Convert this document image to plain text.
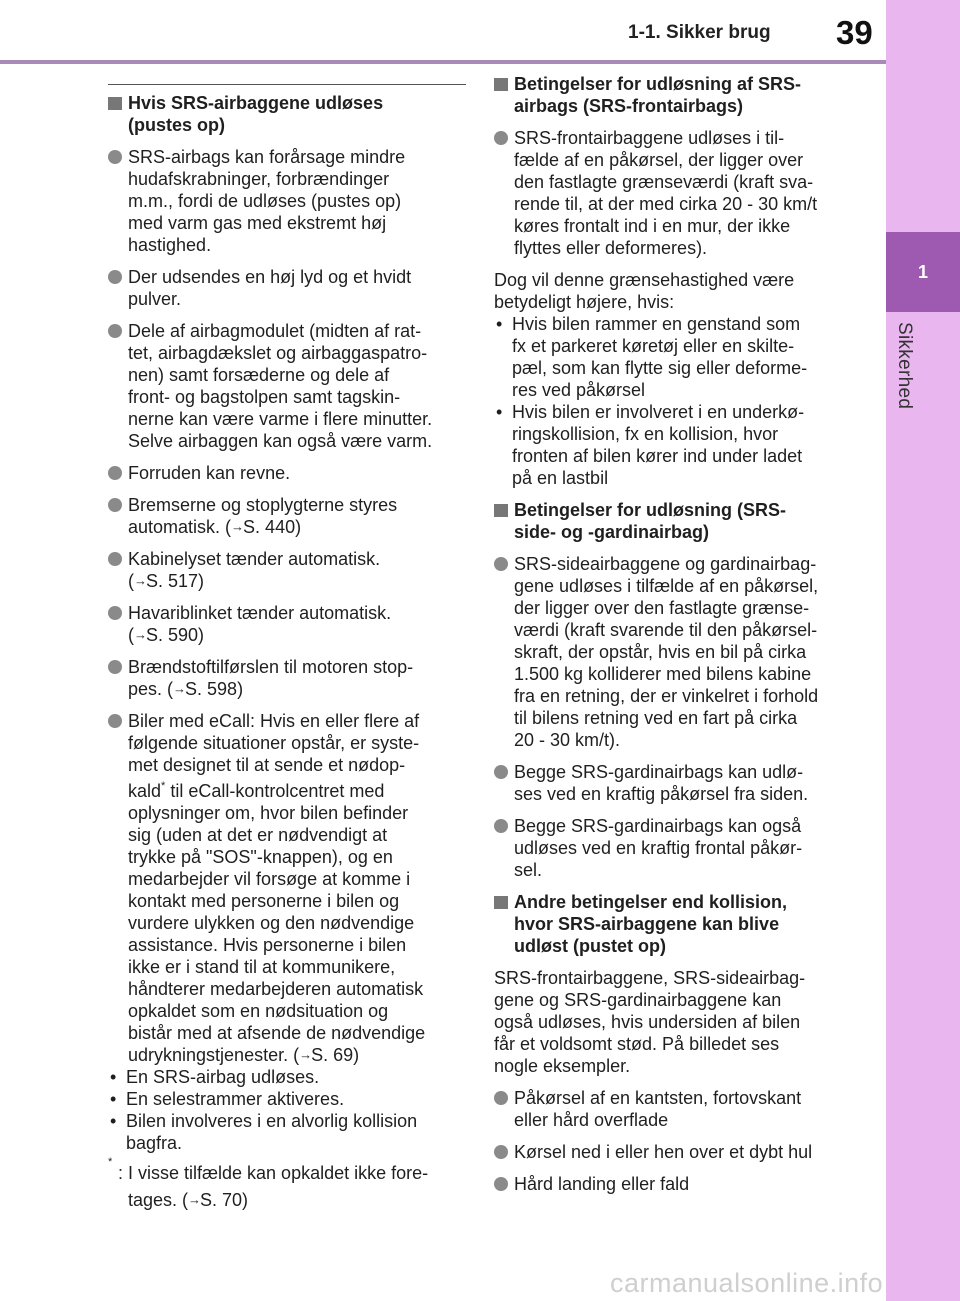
1-1. Sikker brug 39
1
Sikkerhed
Hvis SRS-airbaggene udløses
(pustes op)
SRS-airbags kan forårsage mindre
hudafskrabninger, forbrændinger
m.m., fordi de udløses (pustes op)
med varm gas med ekstremt høj
hastighed.
Der udsendes en høj lyd og et hvidt
pulver.
Dele af airbagmodulet (midten af rat-
tet, airbagdækslet og airbaggaspatro-
nen) samt forsæderne og dele af
front- og bagstolpen samt tagskin-
nerne kan være varme i flere minutter.
Selve airbaggen kan også være varm.
Forruden kan revne.
Bremserne og stoplygterne styres
automatisk. (→S. 440)
Kabinelyset tænder automatisk.
(→S. 517)
Havariblinket tænder automatisk.
(→S. 590)
Brændstoftilførslen til motoren stop-
pes. (→S. 598)
Biler med eCall: Hvis en eller flere af
følgende situationer opstår, er syste-
met designet til at sende et nødop-
kald* til eCall-kontrolcentret med
oplysninger om, hvor bilen befinder
sig (uden at det er nødvendigt at
trykke på "SOS"-knappen), og en
medarbejder vil forsøge at komme i
kontakt med personerne i bilen og
vurdere ulykken og den nødvendige
assistance. Hvis personerne i bilen
ikke er i stand til at kommunikere,
håndterer medarbejderen automatisk
opkaldet som en nødsituation og
bistår med at afsende de nødvendige
udrykningstjenester. (→S. 69)
• En SRS-airbag udløses.
• En selestrammer aktiveres.
• Bilen involveres i en alvorlig kollision
bagfra.
*
: I visse tilfælde kan opkaldet ikke fore-
tages. (→S. 70)
Betingelser for udløsning af SRS-
airbags (SRS-frontairbags)
SRS-frontairbaggene udløses i til-
fælde af en påkørsel, der ligger over
den fastlagte grænseværdi (kraft sva-
rende til, at der med cirka 20 - 30 km/t
køres frontalt ind i en mur, der ikke
flyttes eller deformeres).
Dog vil denne grænsehastighed være
betydeligt højere, hvis:
• Hvis bilen rammer en genstand som
fx et parkeret køretøj eller en skilte-
pæl, som kan flytte sig eller deforme-
res ved påkørsel
• Hvis bilen er involveret i en underkø-
ringskollision, fx en kollision, hvor
fronten af bilen kører ind under ladet
på en lastbil
Betingelser for udløsning (SRS-
side- og -gardinairbag)
SRS-sideairbaggene og gardinairbag-
gene udløses i tilfælde af en påkørsel,
der ligger over den fastlagte grænse-
værdi (kraft svarende til den påkørsel-
skraft, der opstår, hvis en bil på cirka
1.500 kg kolliderer med bilens kabine
fra en retning, der er vinkelret i forhold
til bilens retning ved en fart på cirka
20 - 30 km/t).
Begge SRS-gardinairbags kan udlø-
ses ved en kraftig påkørsel fra siden.
Begge SRS-gardinairbags kan også
udløses ved en kraftig frontal påkør-
sel.
Andre betingelser end kollision,
hvor SRS-airbaggene kan blive
udløst (pustet op)
SRS-frontairbaggene, SRS-sideairbag-
gene og SRS-gardinairbaggene kan
også udløses, hvis undersiden af bilen
får et voldsomt stød. På billedet ses
nogle eksempler.
Påkørsel af en kantsten, fortovskant
eller hård overflade
Kørsel ned i eller hen over et dybt hul
Hård landing eller fald
carmanualsonline.info
